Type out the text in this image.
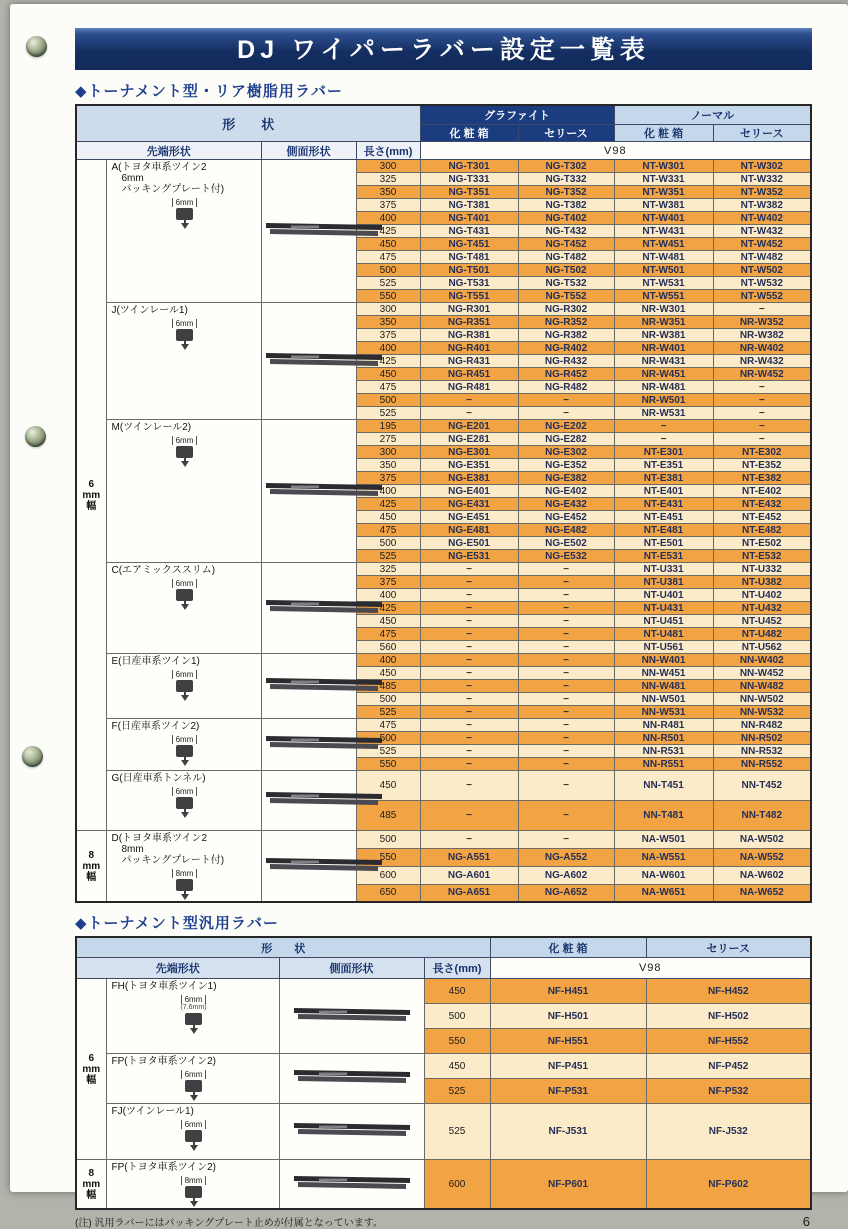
DJ ワイパーラバー設定一覧表
◆トーナメント型・リア樹脂用ラバー
形　　状				グラファイト		ノーマル	
				化 粧 箱	セリース	化 粧 箱	セリース
先端形状		側面形状	長さ(mm)	V98			

6
mm
幅

A(トヨタ車系ツイン2
　6mm
　パッキングプレート付)
6mm
		300	NG-T301	NG-T302	NT-W301	NT-W302
			325	NG-T331	NG-T332	NT-W331	NT-W332
			350	NG-T351	NG-T352	NT-W351	NT-W352
			375	NG-T381	NG-T382	NT-W381	NT-W382
			400	NG-T401	NG-T402	NT-W401	NT-W402
			425	NG-T431	NG-T432	NT-W431	NT-W432
			450	NG-T451	NG-T452	NT-W451	NT-W452
			475	NG-T481	NG-T482	NT-W481	NT-W482
			500	NG-T501	NG-T502	NT-W501	NT-W502
			525	NG-T531	NG-T532	NT-W531	NT-W532
			550	NG-T551	NG-T552	NT-W551	NT-W552

	J(ツインレール1)
6mm		300	NG-R301	NG-R302	NR-W301	−
			350	NG-R351	NG-R352	NR-W351	NR-W352
			375	NG-R381	NG-R382	NR-W381	NR-W382
			400	NG-R401	NG-R402	NR-W401	NR-W402
			425	NG-R431	NG-R432	NR-W431	NR-W432
			450	NG-R451	NG-R452	NR-W451	NR-W452
			475	NG-R481	NG-R482	NR-W481	−
			500	−	−	NR-W501	−
			525	−	−	NR-W531	−

	M(ツインレール2)
6mm		195	NG-E201	NG-E202	−	−
			275	NG-E281	NG-E282	−	−
			300	NG-E301	NG-E302	NT-E301	NT-E302
			350	NG-E351	NG-E352	NT-E351	NT-E352
			375	NG-E381	NG-E382	NT-E381	NT-E382
			400	NG-E401	NG-E402	NT-E401	NT-E402
			425	NG-E431	NG-E432	NT-E431	NT-E432
			450	NG-E451	NG-E452	NT-E451	NT-E452
			475	NG-E481	NG-E482	NT-E481	NT-E482
			500	NG-E501	NG-E502	NT-E501	NT-E502
			525	NG-E531	NG-E532	NT-E531	NT-E532

	C(エアミックススリム)
6mm		325	−	−	NT-U331	NT-U332
			375	−	−	NT-U381	NT-U382
			400	−	−	NT-U401	NT-U402
			425	−	−	NT-U431	NT-U432
			450	−	−	NT-U451	NT-U452
			475	−	−	NT-U481	NT-U482
			560	−	−	NT-U561	NT-U562

	E(日産車系ツイン1)
6mm		400	−	−	NN-W401	NN-W402
			450	−	−	NN-W451	NN-W452
			485	−	−	NN-W481	NN-W482
			500	−	−	NN-W501	NN-W502
			525	−	−	NN-W531	NN-W532

	F(日産車系ツイン2)
6mm		475	−	−	NN-R481	NN-R482
			500	−	−	NN-R501	NN-R502
			525	−	−	NN-R531	NN-R532
			550	−	−	NN-R551	NN-R552

	G(日産車系トンネル)
6mm		450	−	−	NN-T451	NN-T452
			485	−	−	NN-T481	NN-T482

8
mm
幅

D(トヨタ車系ツイン2
　8mm
　パッキングプレート付)
8mm
		500	−	−	NA-W501	NA-W502
			550	NG-A551	NG-A552	NA-W551	NA-W552
			600	NG-A601	NG-A602	NA-W601	NA-W602
			650	NG-A651	NG-A652	NA-W651	NA-W652
◆トーナメント型汎用ラバー
形　　状				化 粧 箱	セリース
先端形状		側面形状	長さ(mm)	V98	

6
mm
幅

FH(トヨタ車系ツイン1)
6mm
(7.6mm)
		450	NF-H451	NF-H452
			500	NF-H501	NF-H502
			550	NF-H551	NF-H552

	FP(トヨタ車系ツイン2)
6mm		450	NF-P451	NF-P452
			525	NF-P531	NF-P532

	FJ(ツインレール1)
6mm		525	NF-J531	NF-J532

8
mm
幅

FP(トヨタ車系ツイン2)
8mm		600	NF-P601	NF-P602
(注) 汎用ラバーにはパッキングプレート止めが付属となっています。	6
